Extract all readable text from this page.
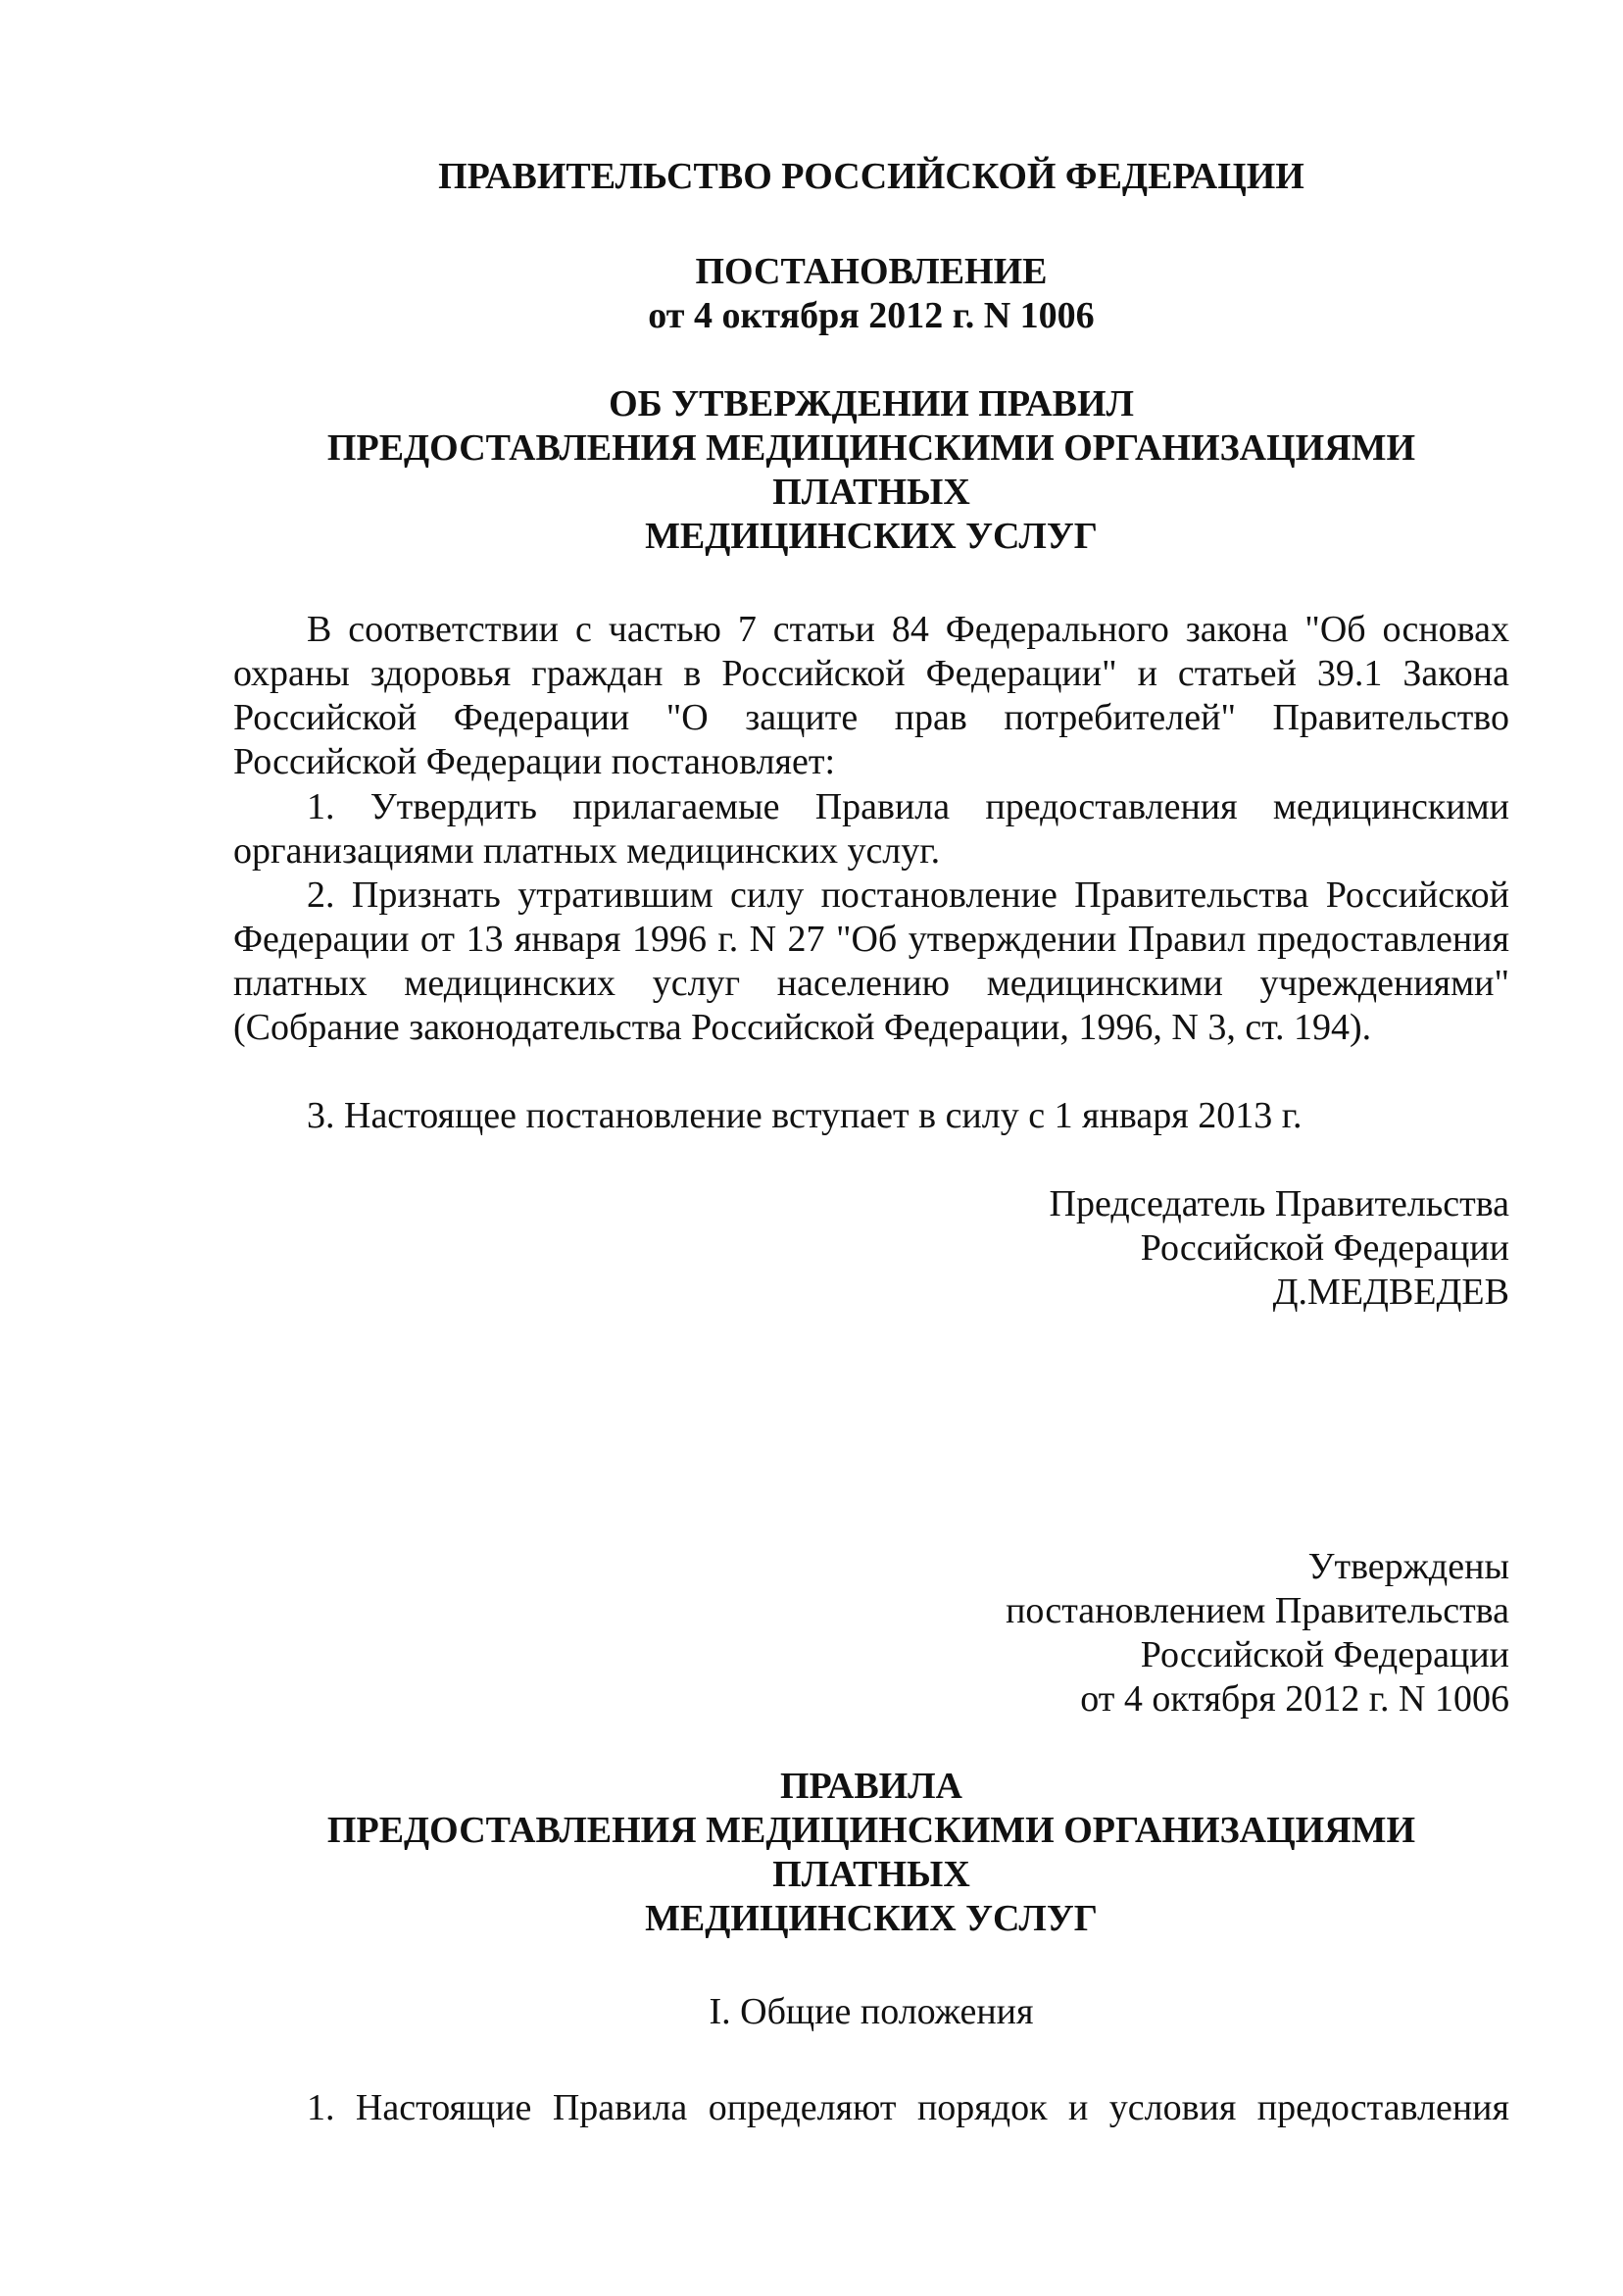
ПРАВИТЕЛЬСТВО РОССИЙСКОЙ ФЕДЕРАЦИИ

ПОСТАНОВЛЕНИЕ
от 4 октября 2012 г. N 1006
ОБ УТВЕРЖДЕНИИ ПРАВИЛ
ПРЕДОСТАВЛЕНИЯ МЕДИЦИНСКИМИ ОРГАНИЗАЦИЯМИ
ПЛАТНЫХ
МЕДИЦИНСКИХ УСЛУГ

В соответствии с частью 7 статьи 84 Федерального закона "Об основах охраны здоровья граждан в Российской Федерации" и статьей 39.1 Закона Российской Федерации "О защите прав потребителей" Правительство Российской Федерации постановляет:

1. Утвердить прилагаемые Правила предоставления медицинскими организациями платных медицинских услуг.

2. Признать утратившим силу постановление Правительства Российской Федерации от 13 января 1996 г. N 27 "Об утверждении Правил предоставления платных медицинских услуг населению медицинскими учреждениями" (Собрание законодательства Российской Федерации, 1996, N 3, ст. 194).

3. Настоящее постановление вступает в силу с 1 января 2013 г.

Председатель Правительства
Российской Федерации
Д.МЕДВЕДЕВ
Утверждены
постановлением Правительства
Российской Федерации
от 4 октября 2012 г. N 1006
ПРАВИЛА
ПРЕДОСТАВЛЕНИЯ МЕДИЦИНСКИМИ ОРГАНИЗАЦИЯМИ
ПЛАТНЫХ
МЕДИЦИНСКИХ УСЛУГ

I. Общие положения

1. Настоящие Правила определяют порядок и условия предоставления
